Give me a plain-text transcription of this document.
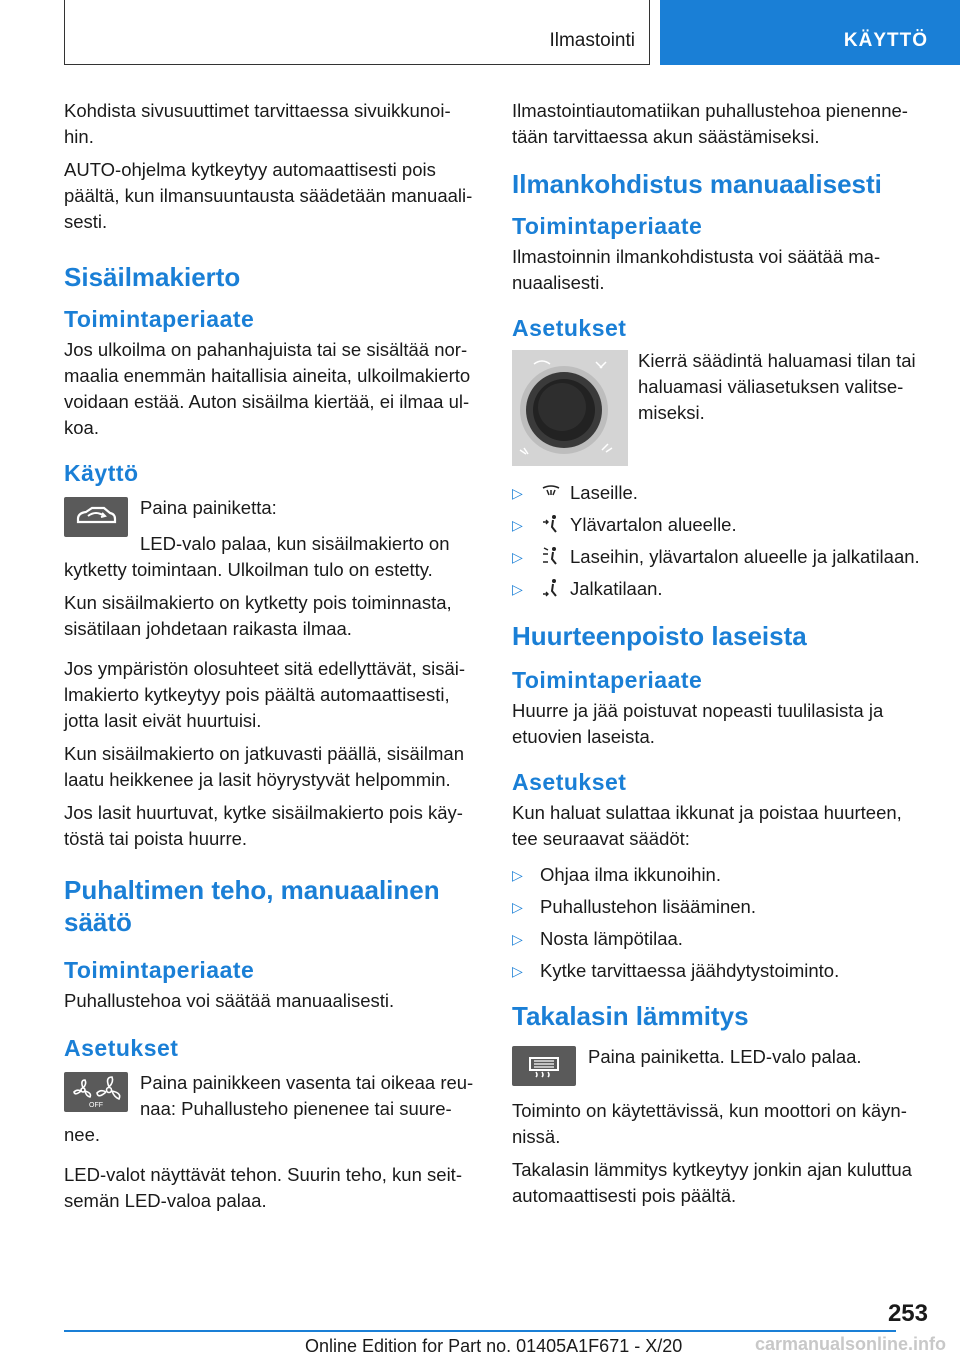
Ilmastointi	KÄYTTÖ

Kohdista sivusuuttimet tarvittaessa sivuikkunoi-hin.

AUTO-ohjelma kytkeytyy automaattisesti pois päältä, kun ilmansuuntausta säädetään manuaali-sesti.

Sisäilmakierto
Toimintaperiaate

Jos ulkoilma on pahanhajuista tai se sisältää nor-maalia enemmän haitallisia aineita, ulkoilmakierto voidaan estää. Auton sisäilma kiertää, ei ilmaa ul-koa.

Käyttö

Paina painiketta:

LED-valo palaa, kun sisäilmakierto on kytketty toimintaan. Ulkoilman tulo on estetty.

Kun sisäilmakierto on kytketty pois toiminnasta, sisätilaan johdetaan raikasta ilmaa.

Jos ympäristön olosuhteet sitä edellyttävät, sisäi-lmakierto kytkeytyy pois päältä automaattisesti, jotta lasit eivät huurtuisi.

Kun sisäilmakierto on jatkuvasti päällä, sisäilman laatu heikkenee ja lasit höyrystyvät helpommin.

Jos lasit huurtuvat, kytke sisäilmakierto pois käy-töstä tai poista huurre.

Puhaltimen teho, manuaalinen säätö
Toimintaperiaate

Puhallustehoa voi säätää manuaalisesti.

Asetukset
OFF

Paina painikkeen vasenta tai oikeaa reu-naa: Puhallusteho pienenee tai suure-nee.

LED-valot näyttävät tehon. Suurin teho, kun seit-semän LED-valoa palaa.

Ilmastointiautomatiikan puhallustehoa pienenne-tään tarvittaessa akun säästämiseksi.

Ilmankohdistus manuaalisesti
Toimintaperiaate

Ilmastoinnin ilmankohdistusta voi säätää ma-nuaalisesti.

Asetukset

Kierrä säädintä haluamasi tilan tai haluamasi väliasetuksen valitse-miseksi.

▷	Laseille.
▷	Ylävartalon alueelle.
▷	Laseihin, ylävartalon alueelle ja jalkatilaan.
▷	Jalkatilaan.
Huurteenpoisto laseista
Toimintaperiaate

Huurre ja jää poistuvat nopeasti tuulilasista ja etuovien laseista.

Asetukset

Kun haluat sulattaa ikkunat ja poistaa huurteen, tee seuraavat säädöt:

▷ Ohjaa ilma ikkunoihin.
▷ Puhallustehon lisääminen.
▷ Nosta lämpötilaa.
▷ Kytke tarvittaessa jäähdytystoiminto.
Takalasin lämmitys

Paina painiketta. LED-valo palaa.

Toiminto on käytettävissä, kun moottori on käyn-nissä.

Takalasin lämmitys kytkeytyy jonkin ajan kuluttua automaattisesti pois päältä.

253
Online Edition for Part no. 01405A1F671 - X/20	carmanualsonline.info
